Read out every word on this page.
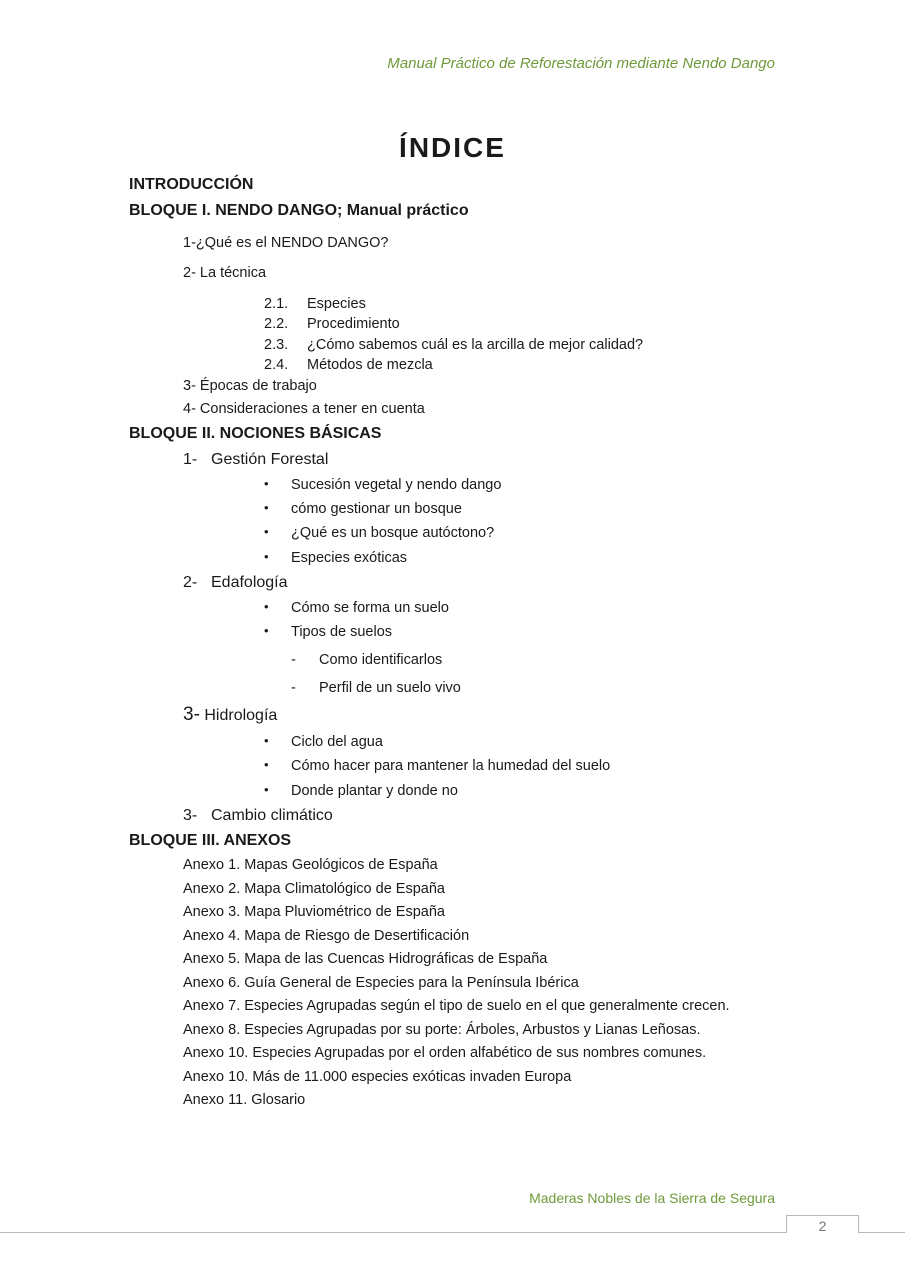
Manual Práctico de Reforestación mediante Nendo Dango
ÍNDICE
INTRODUCCIÓN
BLOQUE I. NENDO DANGO; Manual práctico
1-¿Qué es el NENDO DANGO?
2- La técnica
2.1. Especies
2.2. Procedimiento
2.3. ¿Cómo sabemos cuál es la arcilla de mejor calidad?
2.4. Métodos de mezcla
3- Épocas de trabajo
4- Consideraciones a tener en cuenta
BLOQUE II. NOCIONES BÁSICAS
1- Gestión Forestal
• Sucesión vegetal y nendo dango
• cómo gestionar un bosque
• ¿Qué es un bosque autóctono?
• Especies exóticas
2- Edafología
• Cómo se forma un suelo
• Tipos de suelos
- Como identificarlos
- Perfil de un suelo vivo
3- Hidrología
• Ciclo del agua
• Cómo hacer para mantener la humedad del suelo
• Donde plantar y donde no
3- Cambio climático
BLOQUE III. ANEXOS
Anexo 1. Mapas Geológicos de España
Anexo 2. Mapa Climatológico de España
Anexo 3. Mapa Pluviométrico de España
Anexo 4. Mapa de Riesgo de Desertificación
Anexo 5. Mapa de las Cuencas Hidrográficas de España
Anexo 6. Guía General de Especies para la Península Ibérica
Anexo 7. Especies Agrupadas según el tipo de suelo en el que generalmente crecen.
Anexo 8. Especies Agrupadas por su porte: Árboles, Arbustos y Lianas Leñosas.
Anexo 10. Especies Agrupadas por el orden alfabético de sus nombres comunes.
Anexo 10. Más de 11.000 especies exóticas invaden Europa
Anexo 11. Glosario
Maderas Nobles de la Sierra de Segura
2
